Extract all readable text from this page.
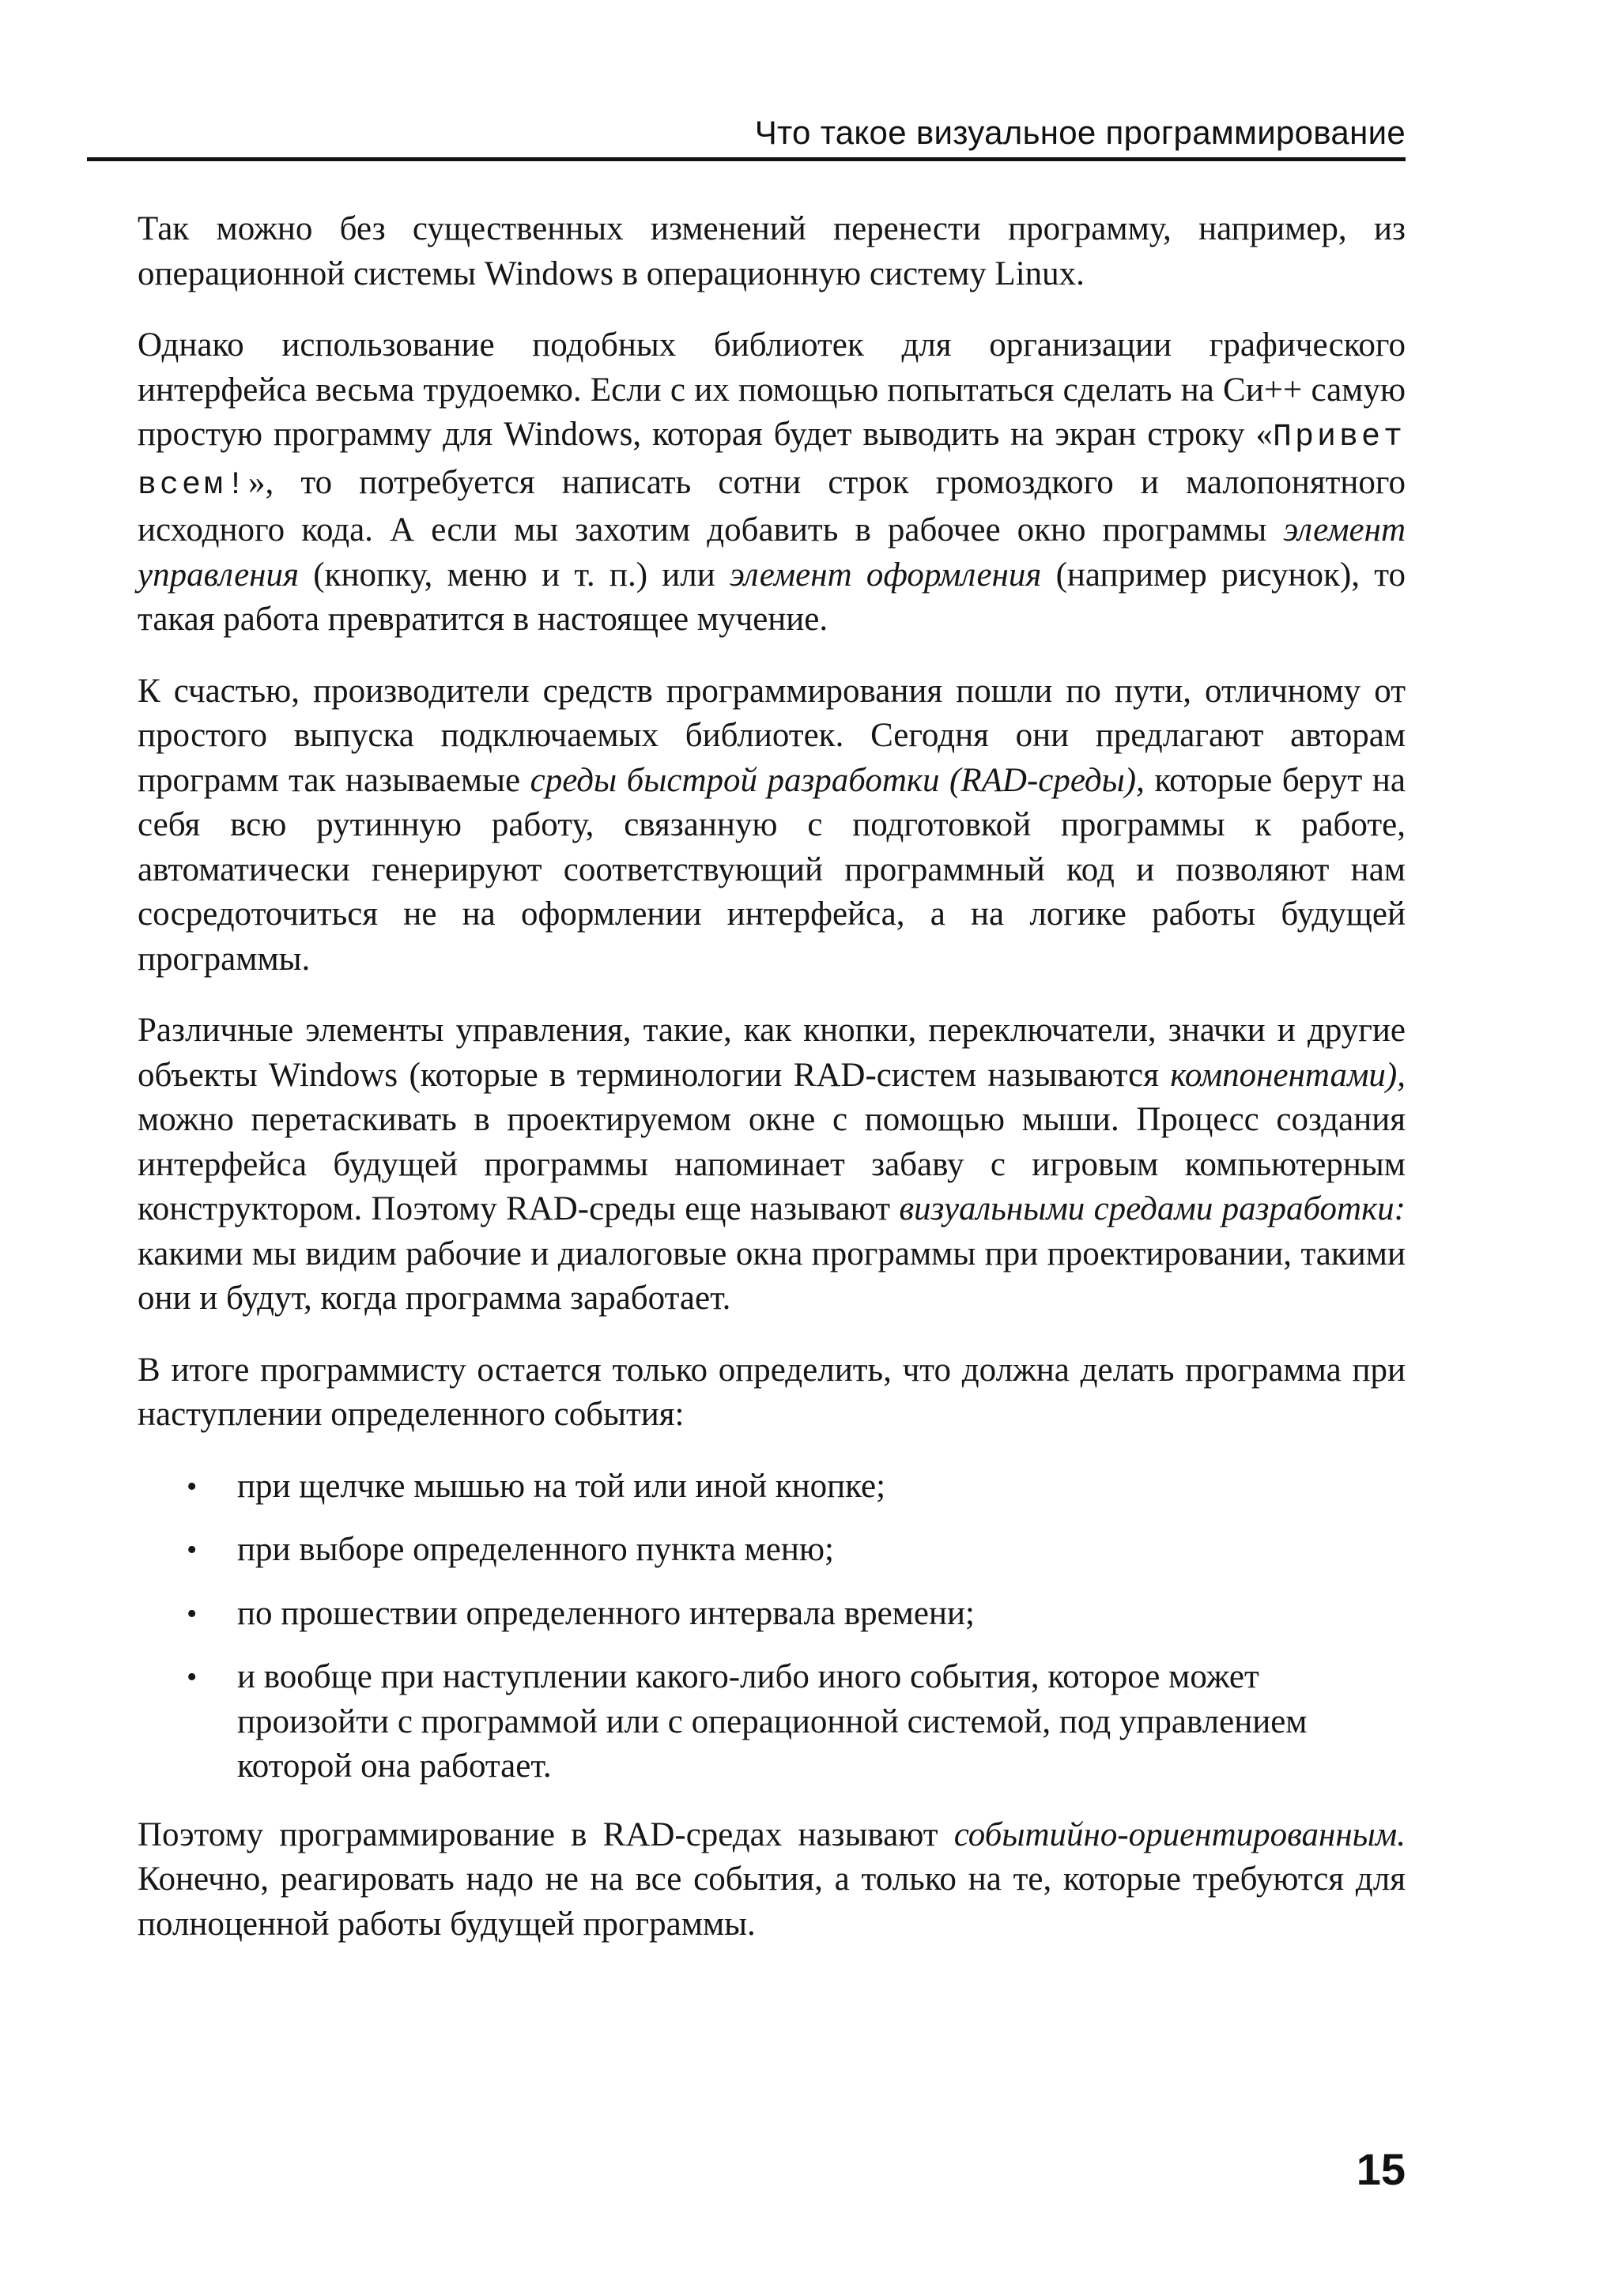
Что такое визуальное программирование

Так можно без существенных изменений перенести программу, например, из операционной системы Windows в операционную систему Linux.

Однако использование подобных библиотек для организации графического интерфейса весьма трудоемко. Если с их помощью попытаться сделать на Си++ самую простую программу для Windows, которая будет выводить на экран строку «Привет всем!», то потребуется написать сотни строк громоздкого и малопонятного исходного кода. А если мы захотим добавить в рабочее окно программы элемент управления (кнопку, меню и т. п.) или элемент оформления (например рисунок), то такая работа превратится в настоящее мучение.

К счастью, производители средств программирования пошли по пути, отличному от простого выпуска подключаемых библиотек. Сегодня они предлагают авторам программ так называемые среды быстрой разработки (RAD-среды), которые берут на себя всю рутинную работу, связанную с подготовкой программы к работе, автоматически генерируют соответствующий программный код и позволяют нам сосредоточиться не на оформлении интерфейса, а на логике работы будущей программы.

Различные элементы управления, такие, как кнопки, переключатели, значки и другие объекты Windows (которые в терминологии RAD-систем называются компонентами), можно перетаскивать в проектируемом окне с помощью мыши. Процесс создания интерфейса будущей программы напоминает забаву с игровым компьютерным конструктором. Поэтому RAD-среды еще называют визуальными средами разработки: какими мы видим рабочие и диалоговые окна программы при проектировании, такими они и будут, когда программа заработает.

В итоге программисту остается только определить, что должна делать программа при наступлении определенного события:

• при щелчке мышью на той или иной кнопке;
• при выборе определенного пункта меню;
• по прошествии определенного интервала времени;
• и вообще при наступлении какого-либо иного события, которое может произойти с программой или с операционной системой, под управлением которой она работает.

Поэтому программирование в RAD-средах называют событийно-ориентированным. Конечно, реагировать надо не на все события, а только на те, которые требуются для полноценной работы будущей программы.

15
